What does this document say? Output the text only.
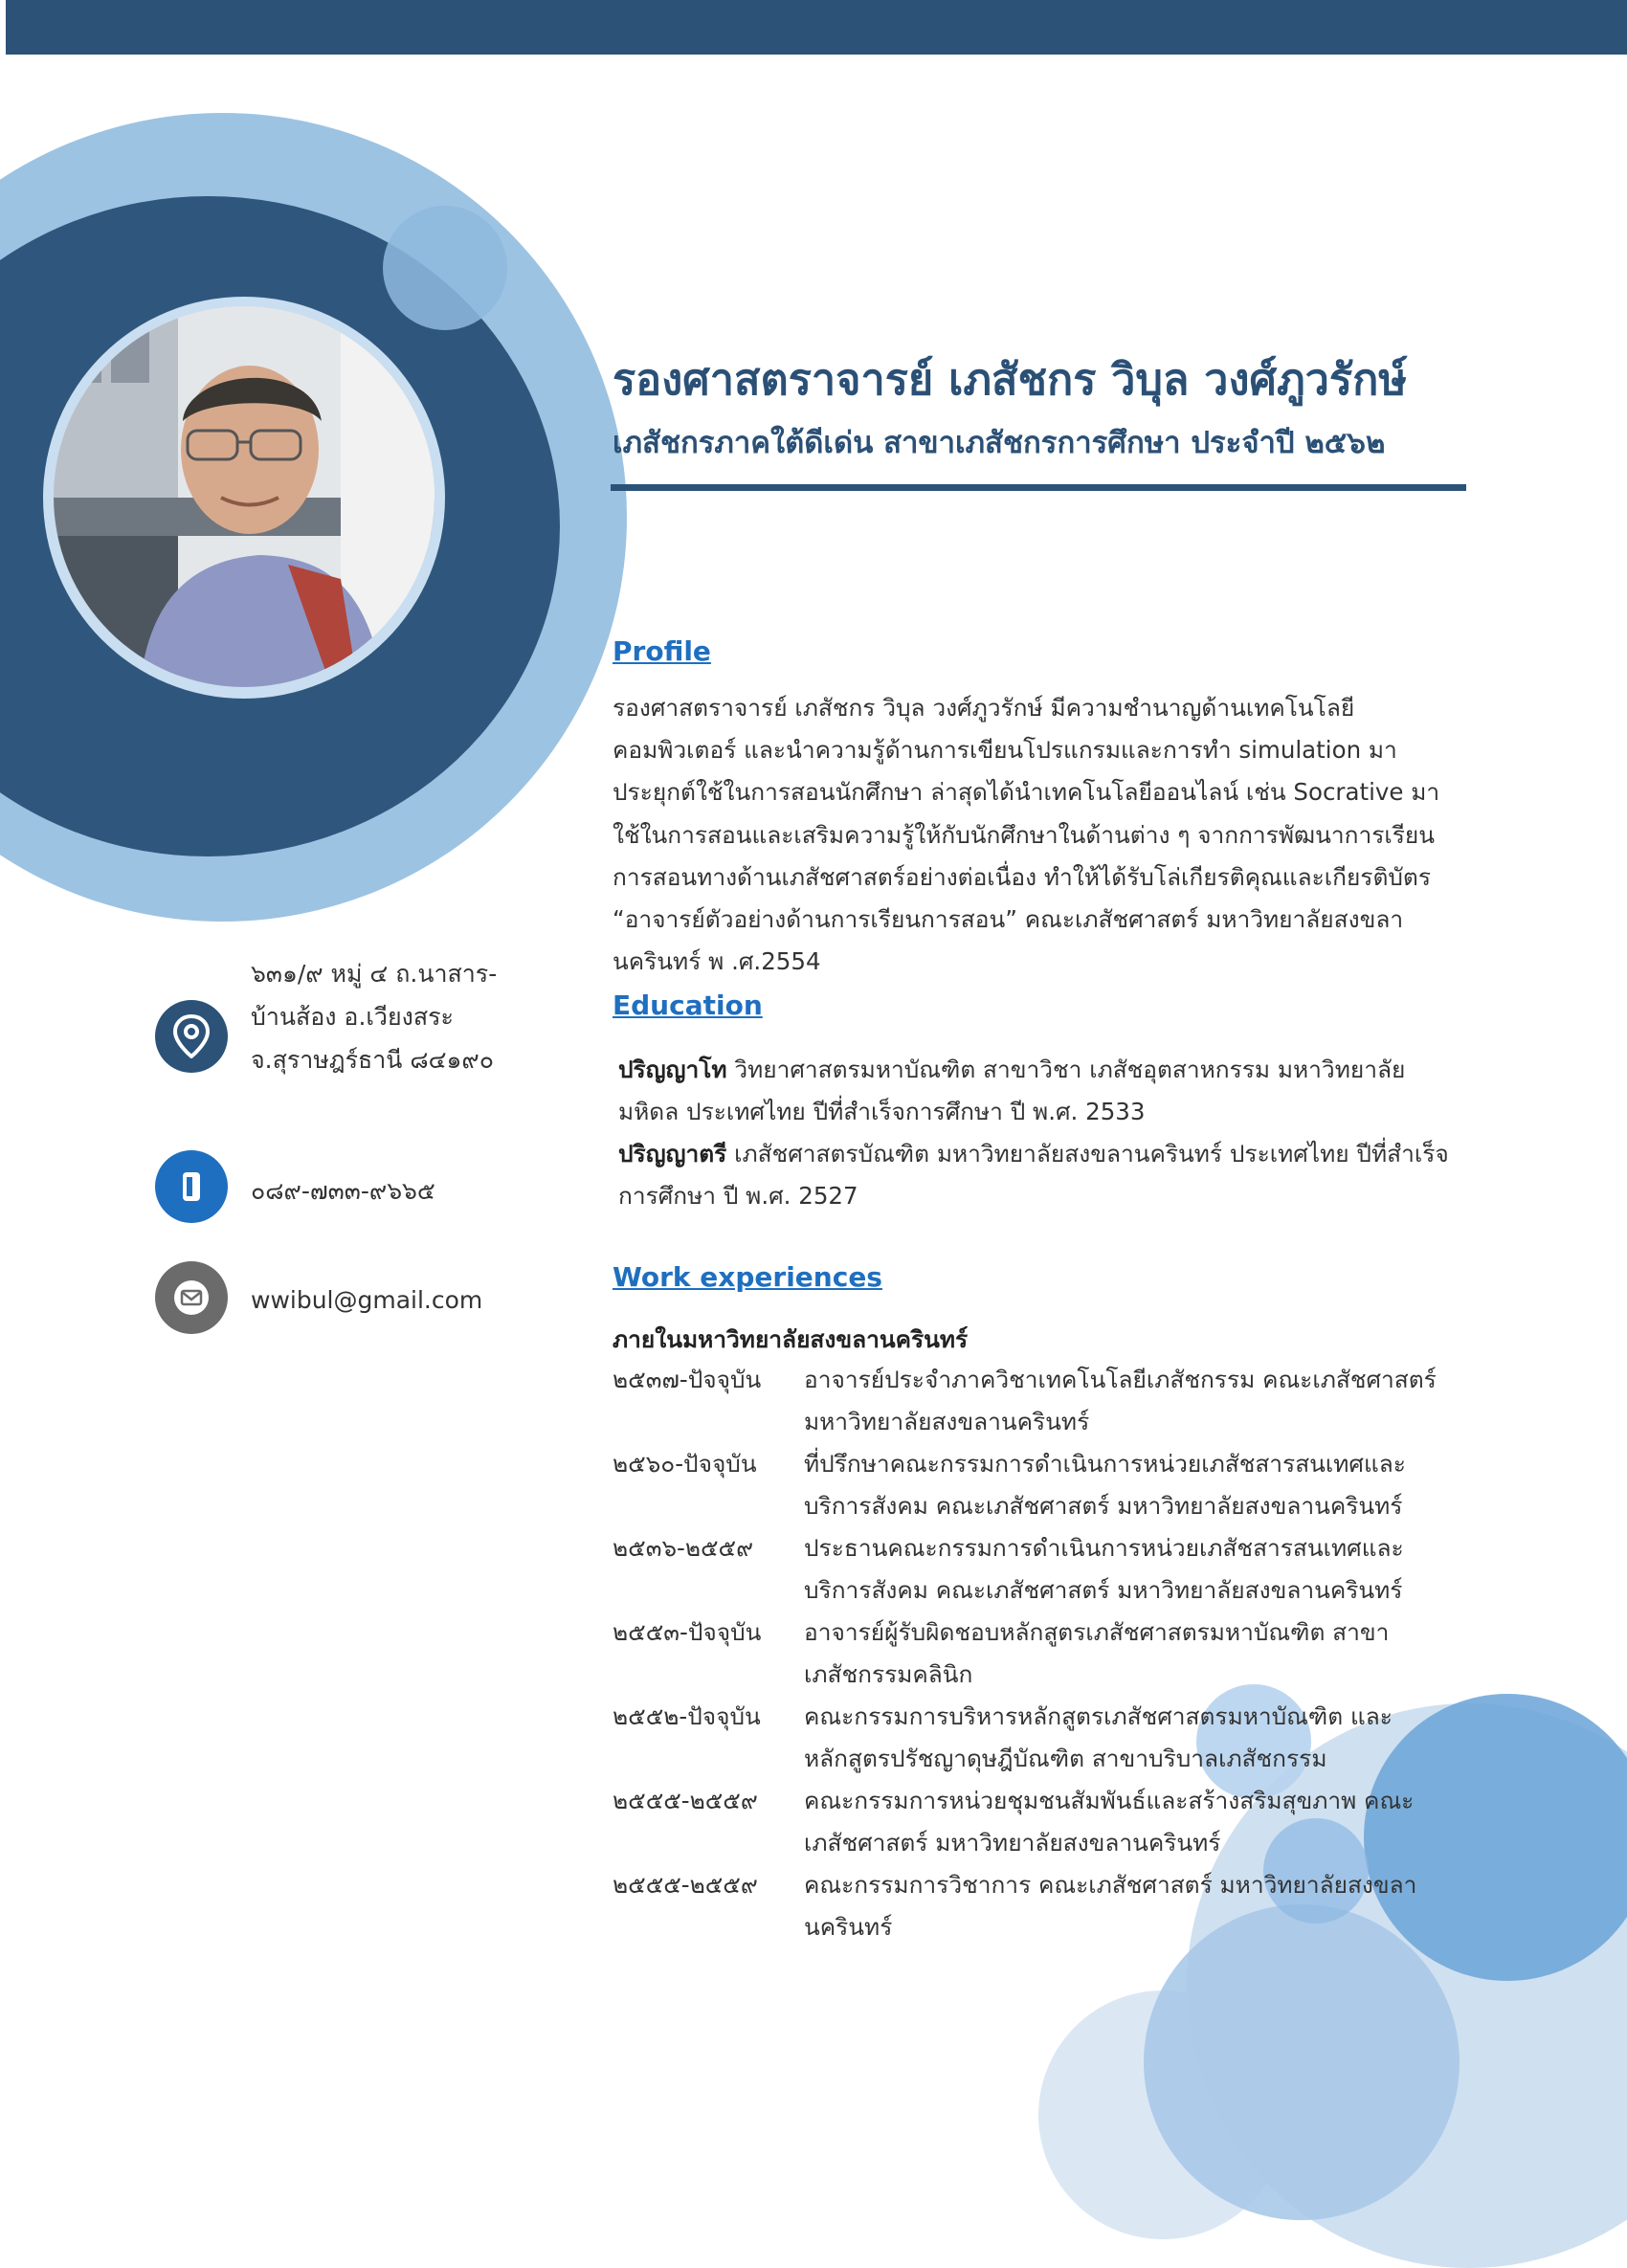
รองศาสตราจารย์ เภสัชกร วิบุล วงศ์ภูวรักษ์
เภสัชกรภาคใต้ดีเด่น สาขาเภสัชกรการศึกษา ประจำปี ๒๕๖๒
๖๓๑/๙ หมู่ ๔ ถ.นาสาร-บ้านส้อง อ.เวียงสระ จ.สุราษฎร์ธานี ๘๔๑๙๐
๐๘๙-๗๓๓-๙๖๖๕
wwibul@gmail.com
Profile

รองศาสตราจารย์ เภสัชกร วิบุล วงศ์ภูวรักษ์ มีความชำนาญด้านเทคโนโลยีคอมพิวเตอร์ และนำความรู้ด้านการเขียนโปรแกรมและการทำ simulation มาประยุกต์ใช้ในการสอนนักศึกษา ล่าสุดได้นำเทคโนโลยีออนไลน์ เช่น Socrative มาใช้ในการสอนและเสริมความรู้ให้กับนักศึกษาในด้านต่าง ๆ จากการพัฒนาการเรียนการสอนทางด้านเภสัชศาสตร์อย่างต่อเนื่อง ทำให้ได้รับโล่เกียรติคุณและเกียรติบัตร “อาจารย์ตัวอย่างด้านการเรียนการสอน” คณะเภสัชศาสตร์ มหาวิทยาลัยสงขลานครินทร์ พ .ศ.2554

Education

ปริญญาโท วิทยาศาสตรมหาบัณฑิต สาขาวิชา เภสัชอุตสาหกรรม มหาวิทยาลัยมหิดล ประเทศไทย ปีที่สำเร็จการศึกษา ปี พ.ศ. 2533

ปริญญาตรี เภสัชศาสตรบัณฑิต มหาวิทยาลัยสงขลานครินทร์ ประเทศไทย ปีที่สำเร็จการศึกษา ปี พ.ศ. 2527

Work experiences

ภายในมหาวิทยาลัยสงขลานครินทร์

๒๕๓๗-ปัจจุบัน	อาจารย์ประจำภาควิชาเทคโนโลยีเภสัชกรรม คณะเภสัชศาสตร์ มหาวิทยาลัยสงขลานครินทร์
๒๕๖๐-ปัจจุบัน	ที่ปรึกษาคณะกรรมการดำเนินการหน่วยเภสัชสารสนเทศและบริการสังคม คณะเภสัชศาสตร์ มหาวิทยาลัยสงขลานครินทร์
๒๕๓๖-๒๕๕๙	ประธานคณะกรรมการดำเนินการหน่วยเภสัชสารสนเทศและบริการสังคม คณะเภสัชศาสตร์ มหาวิทยาลัยสงขลานครินทร์
๒๕๕๓-ปัจจุบัน	อาจารย์ผู้รับผิดชอบหลักสูตรเภสัชศาสตรมหาบัณฑิต สาขาเภสัชกรรมคลินิก
๒๕๕๒-ปัจจุบัน	คณะกรรมการบริหารหลักสูตรเภสัชศาสตรมหาบัณฑิต และหลักสูตรปรัชญาดุษฎีบัณฑิต สาขาบริบาลเภสัชกรรม
๒๕๕๕-๒๕๕๙	คณะกรรมการหน่วยชุมชนสัมพันธ์และสร้างสริมสุขภาพ คณะเภสัชศาสตร์ มหาวิทยาลัยสงขลานครินทร์
๒๕๕๕-๒๕๕๙	คณะกรรมการวิชาการ คณะเภสัชศาสตร์ มหาวิทยาลัยสงขลานครินทร์
